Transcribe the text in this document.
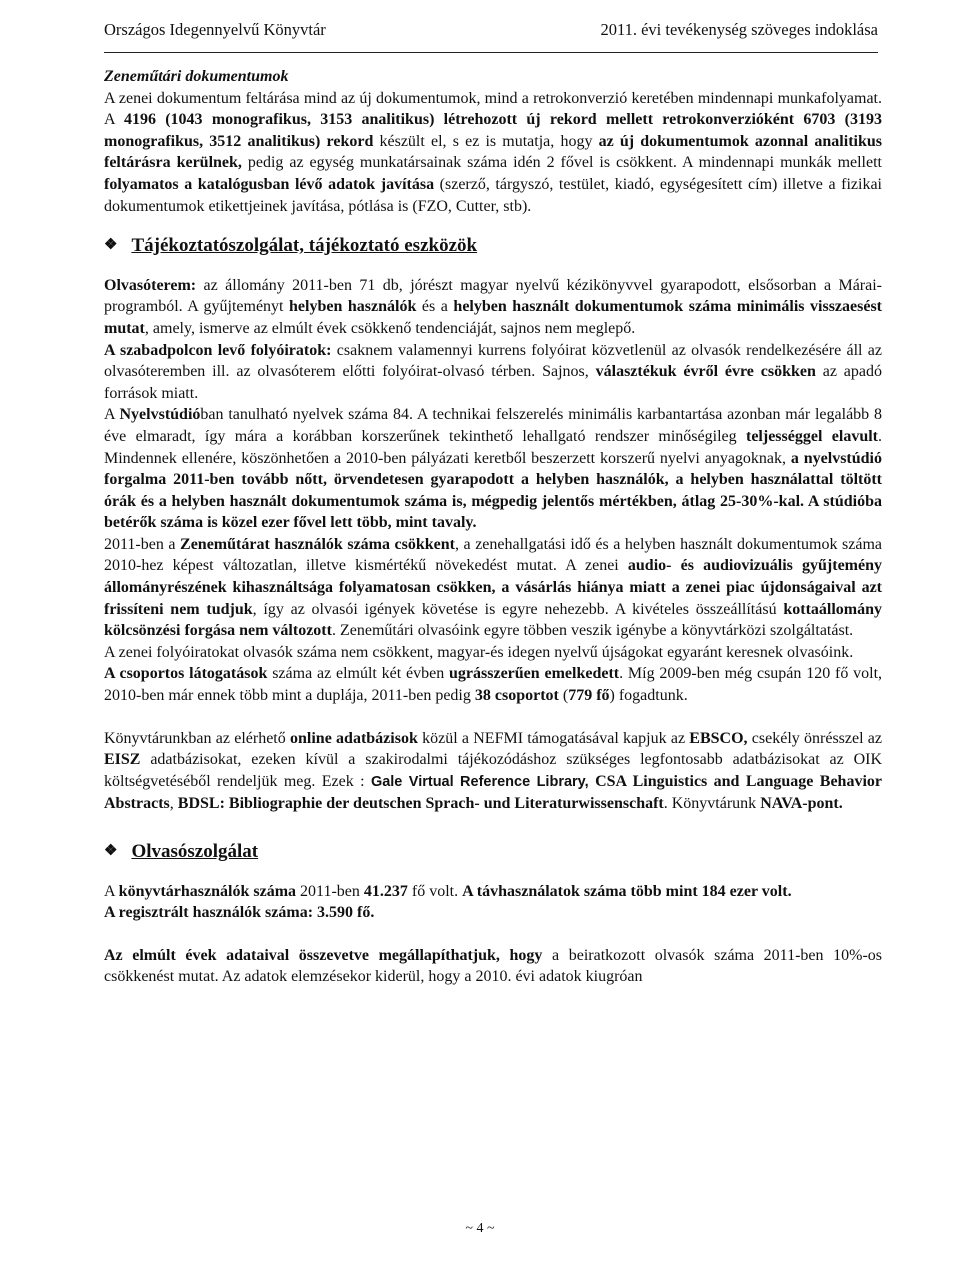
Országos Idegennyelvű Könyvtár	2011. évi tevékenység szöveges indoklása

Zeneműtári dokumentumok

A zenei dokumentum feltárása mind az új dokumentumok, mind a retrokonverzió keretében mindennapi munkafolyamat. A 4196 (1043 monografikus, 3153 analitikus) létrehozott új rekord mellett retrokonverzióként 6703 (3193 monografikus, 3512 analitikus) rekord készült el, s ez is mutatja, hogy az új dokumentumok azonnal analitikus feltárásra kerülnek, pedig az egység munkatársainak száma idén 2 fővel is csökkent. A mindennapi munkák mellett folyamatos a katalógusban lévő adatok javítása (szerző, tárgyszó, testület, kiadó, egységesített cím) illetve a fizikai dokumentumok etikettjeinek javítása, pótlása is (FZO, Cutter, stb).

❖ Tájékoztatószolgálat, tájékoztató eszközök

Olvasóterem: az állomány 2011-ben 71 db, jórészt magyar nyelvű kézikönyvvel gyarapodott, elsősorban a Márai-programból. A gyűjteményt helyben használók és a helyben használt dokumentumok száma minimális visszaesést mutat, amely, ismerve az elmúlt évek csökkenő tendenciáját, sajnos nem meglepő.

A szabadpolcon levő folyóiratok: csaknem valamennyi kurrens folyóirat közvetlenül az olvasók rendelkezésére áll az olvasóteremben ill. az olvasóterem előtti folyóirat-olvasó térben. Sajnos, választékuk évről évre csökken az apadó források miatt.

A Nyelvstúdióban tanulható nyelvek száma 84. A technikai felszerelés minimális karbantartása azonban már legalább 8 éve elmaradt, így mára a korábban korszerűnek tekinthető lehallgató rendszer minőségileg teljességgel elavult. Mindennek ellenére, köszönhetően a 2010-ben pályázati keretből beszerzett korszerű nyelvi anyagoknak, a nyelvstúdió forgalma 2011-ben tovább nőtt, örvendetesen gyarapodott a helyben használók, a helyben használattal töltött órák és a helyben használt dokumentumok száma is, mégpedig jelentős mértékben, átlag 25-30%-kal. A stúdióba betérők száma is közel ezer fővel lett több, mint tavaly.

2011-ben a Zeneműtárat használók száma csökkent, a zenehallgatási idő és a helyben használt dokumentumok száma 2010-hez képest változatlan, illetve kismértékű növekedést mutat. A zenei audio- és audiovizuális gyűjtemény állományrészének kihasználtsága folyamatosan csökken, a vásárlás hiánya miatt a zenei piac újdonságaival azt frissíteni nem tudjuk, így az olvasói igények követése is egyre nehezebb. A kivételes összeállítású kottaállomány kölcsönzési forgása nem változott. Zeneműtári olvasóink egyre többen veszik igénybe a könyvtárközi szolgáltatást.

A zenei folyóiratokat olvasók száma nem csökkent, magyar-és idegen nyelvű újságokat egyaránt keresnek olvasóink.

A csoportos látogatások száma az elmúlt két évben ugrásszerűen emelkedett. Míg 2009-ben még csupán 120 fő volt, 2010-ben már ennek több mint a duplája, 2011-ben pedig 38 csoportot (779 fő) fogadtunk.

Könyvtárunkban az elérhető online adatbázisok közül a NEFMI támogatásával kapjuk az EBSCO, csekély önrésszel az EISZ adatbázisokat, ezeken kívül a szakirodalmi tájékozódáshoz szükséges legfontosabb adatbázisokat az OIK költségvetéséből rendeljük meg. Ezek : Gale Virtual Reference Library, CSA Linguistics and Language Behavior Abstracts, BDSL: Bibliographie der deutschen Sprach- und Literaturwissenschaft. Könyvtárunk NAVA-pont.

❖ Olvasószolgálat

A könyvtárhasználók száma 2011-ben 41.237 fő volt. A távhasználatok száma több mint 184 ezer volt.
A regisztrált használók száma: 3.590 fő.

Az elmúlt évek adataival összevetve megállapíthatjuk, hogy a beiratkozott olvasók száma 2011-ben 10%-os csökkenést mutat. Az adatok elemzésekor kiderül, hogy a 2010. évi adatok kiugróan

~ 4 ~
